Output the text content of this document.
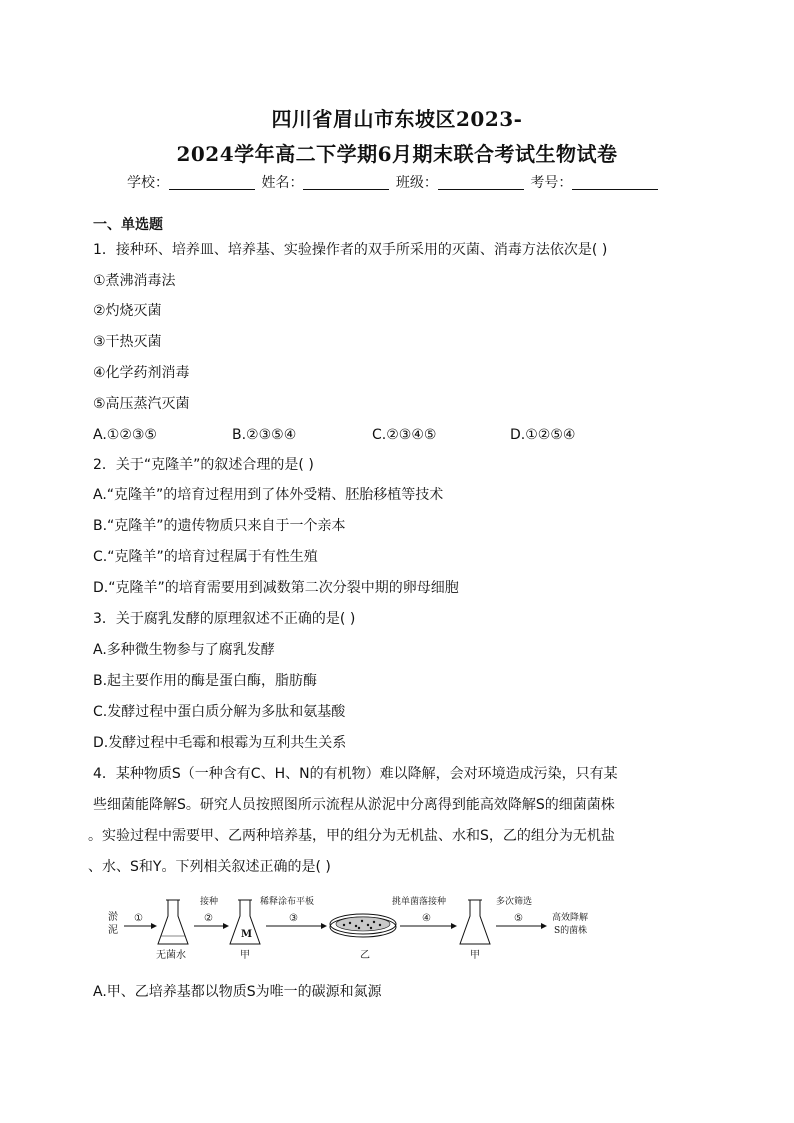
四川省眉山市东坡区2023-
2024学年高二下学期6月期末联合考试生物试卷
学校：	姓名：	班级：	考号：
一、单选题
1．接种环、培养皿、培养基、实验操作者的双手所采用的灭菌、消毒方法依次是( )
①煮沸消毒法
②灼烧灭菌
③干热灭菌
④化学药剂消毒
⑤高压蒸汽灭菌
A.①②③⑤	B.②③⑤④	C.②③④⑤	D.①②⑤④
2．关于“克隆羊”的叙述合理的是( )
A.“克隆羊”的培育过程用到了体外受精、胚胎移植等技术
B.“克隆羊”的遗传物质只来自于一个亲本
C.“克隆羊”的培育过程属于有性生殖
D.“克隆羊”的培育需要用到减数第二次分裂中期的卵母细胞
3．关于腐乳发酵的原理叙述不正确的是( )
A.多种微生物参与了腐乳发酵
B.起主要作用的酶是蛋白酶，脂肪酶
C.发酵过程中蛋白质分解为多肽和氨基酸
D.发酵过程中毛霉和根霉为互利共生关系
4．某种物质S（一种含有C、H、N的有机物）难以降解，会对环境造成污染，只有某
些细菌能降解S。研究人员按照图所示流程从淤泥中分离得到能高效降解S的细菌菌株
。实验过程中需要甲、乙两种培养基，甲的组分为无机盐、水和S，乙的组分为无机盐
、水、S和Y。下列相关叙述正确的是( )
淤
泥
①
无菌水
接种
②
M
甲
稀释涂布平板
③
乙
挑单菌落接种
④
甲
多次筛选
⑤	高效降解
S的菌株
A.甲、乙培养基都以物质S为唯一的碳源和氮源
